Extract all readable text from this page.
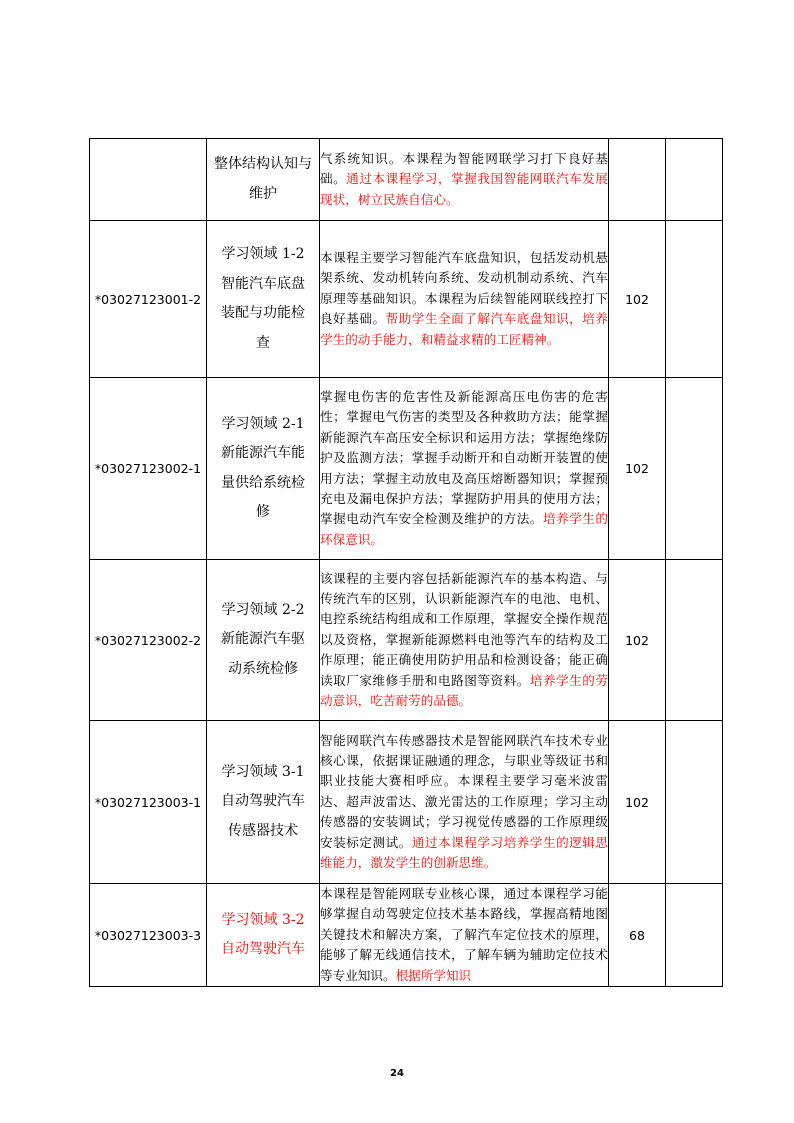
	整体结构认知与
维护	气系统知识。本课程为智能网联学习打下良好基础。通过本课程学习，掌握我国智能网联汽车发展现状，树立民族自信心。		
*03027123001-2	学习领域 1-2
智能汽车底盘
装配与功能检
查	本课程主要学习智能汽车底盘知识，包括发动机悬架系统、发动机转向系统、发动机制动系统、汽车原理等基础知识。本课程为后续智能网联线控打下良好基础。帮助学生全面了解汽车底盘知识，培养学生的动手能力，和精益求精的工匠精神。	102	
*03027123002-1	学习领域 2-1
新能源汽车能
量供给系统检
修	掌握电伤害的危害性及新能源高压电伤害的危害性；掌握电气伤害的类型及各种救助方法；能掌握新能源汽车高压安全标识和运用方法；掌握绝缘防护及监测方法；掌握手动断开和自动断开装置的使用方法；掌握主动放电及高压熔断器知识；掌握预充电及漏电保护方法；掌握防护用具的使用方法；掌握电动汽车安全检测及维护的方法。培养学生的环保意识。	102	
*03027123002-2	学习领域 2-2
新能源汽车驱
动系统检修	该课程的主要内容包括新能源汽车的基本构造、与传统汽车的区别，认识新能源汽车的电池、电机、电控系统结构组成和工作原理，掌握安全操作规范以及资格，掌握新能源燃料电池等汽车的结构及工作原理；能正确使用防护用品和检测设备；能正确读取厂家维修手册和电路图等资料。培养学生的劳动意识，吃苦耐劳的品德。	102	
*03027123003-1	学习领域 3-1
自动驾驶汽车
传感器技术	智能网联汽车传感器技术是智能网联汽车技术专业核心课，依据课证融通的理念，与职业等级证书和职业技能大赛相呼应。本课程主要学习毫米波雷达、超声波雷达、激光雷达的工作原理；学习主动传感器的安装调试；学习视觉传感器的工作原理级安装标定测试。通过本课程学习培养学生的逻辑思维能力，激发学生的创新思维。	102	
*03027123003-3	学习领域 3-2
自动驾驶汽车	本课程是智能网联专业核心课，通过本课程学习能够掌握自动驾驶定位技术基本路线，掌握高精地图关键技术和解决方案，了解汽车定位技术的原理，能够了解无线通信技术，了解车辆为辅助定位技术等专业知识。根据所学知识	68	
24
